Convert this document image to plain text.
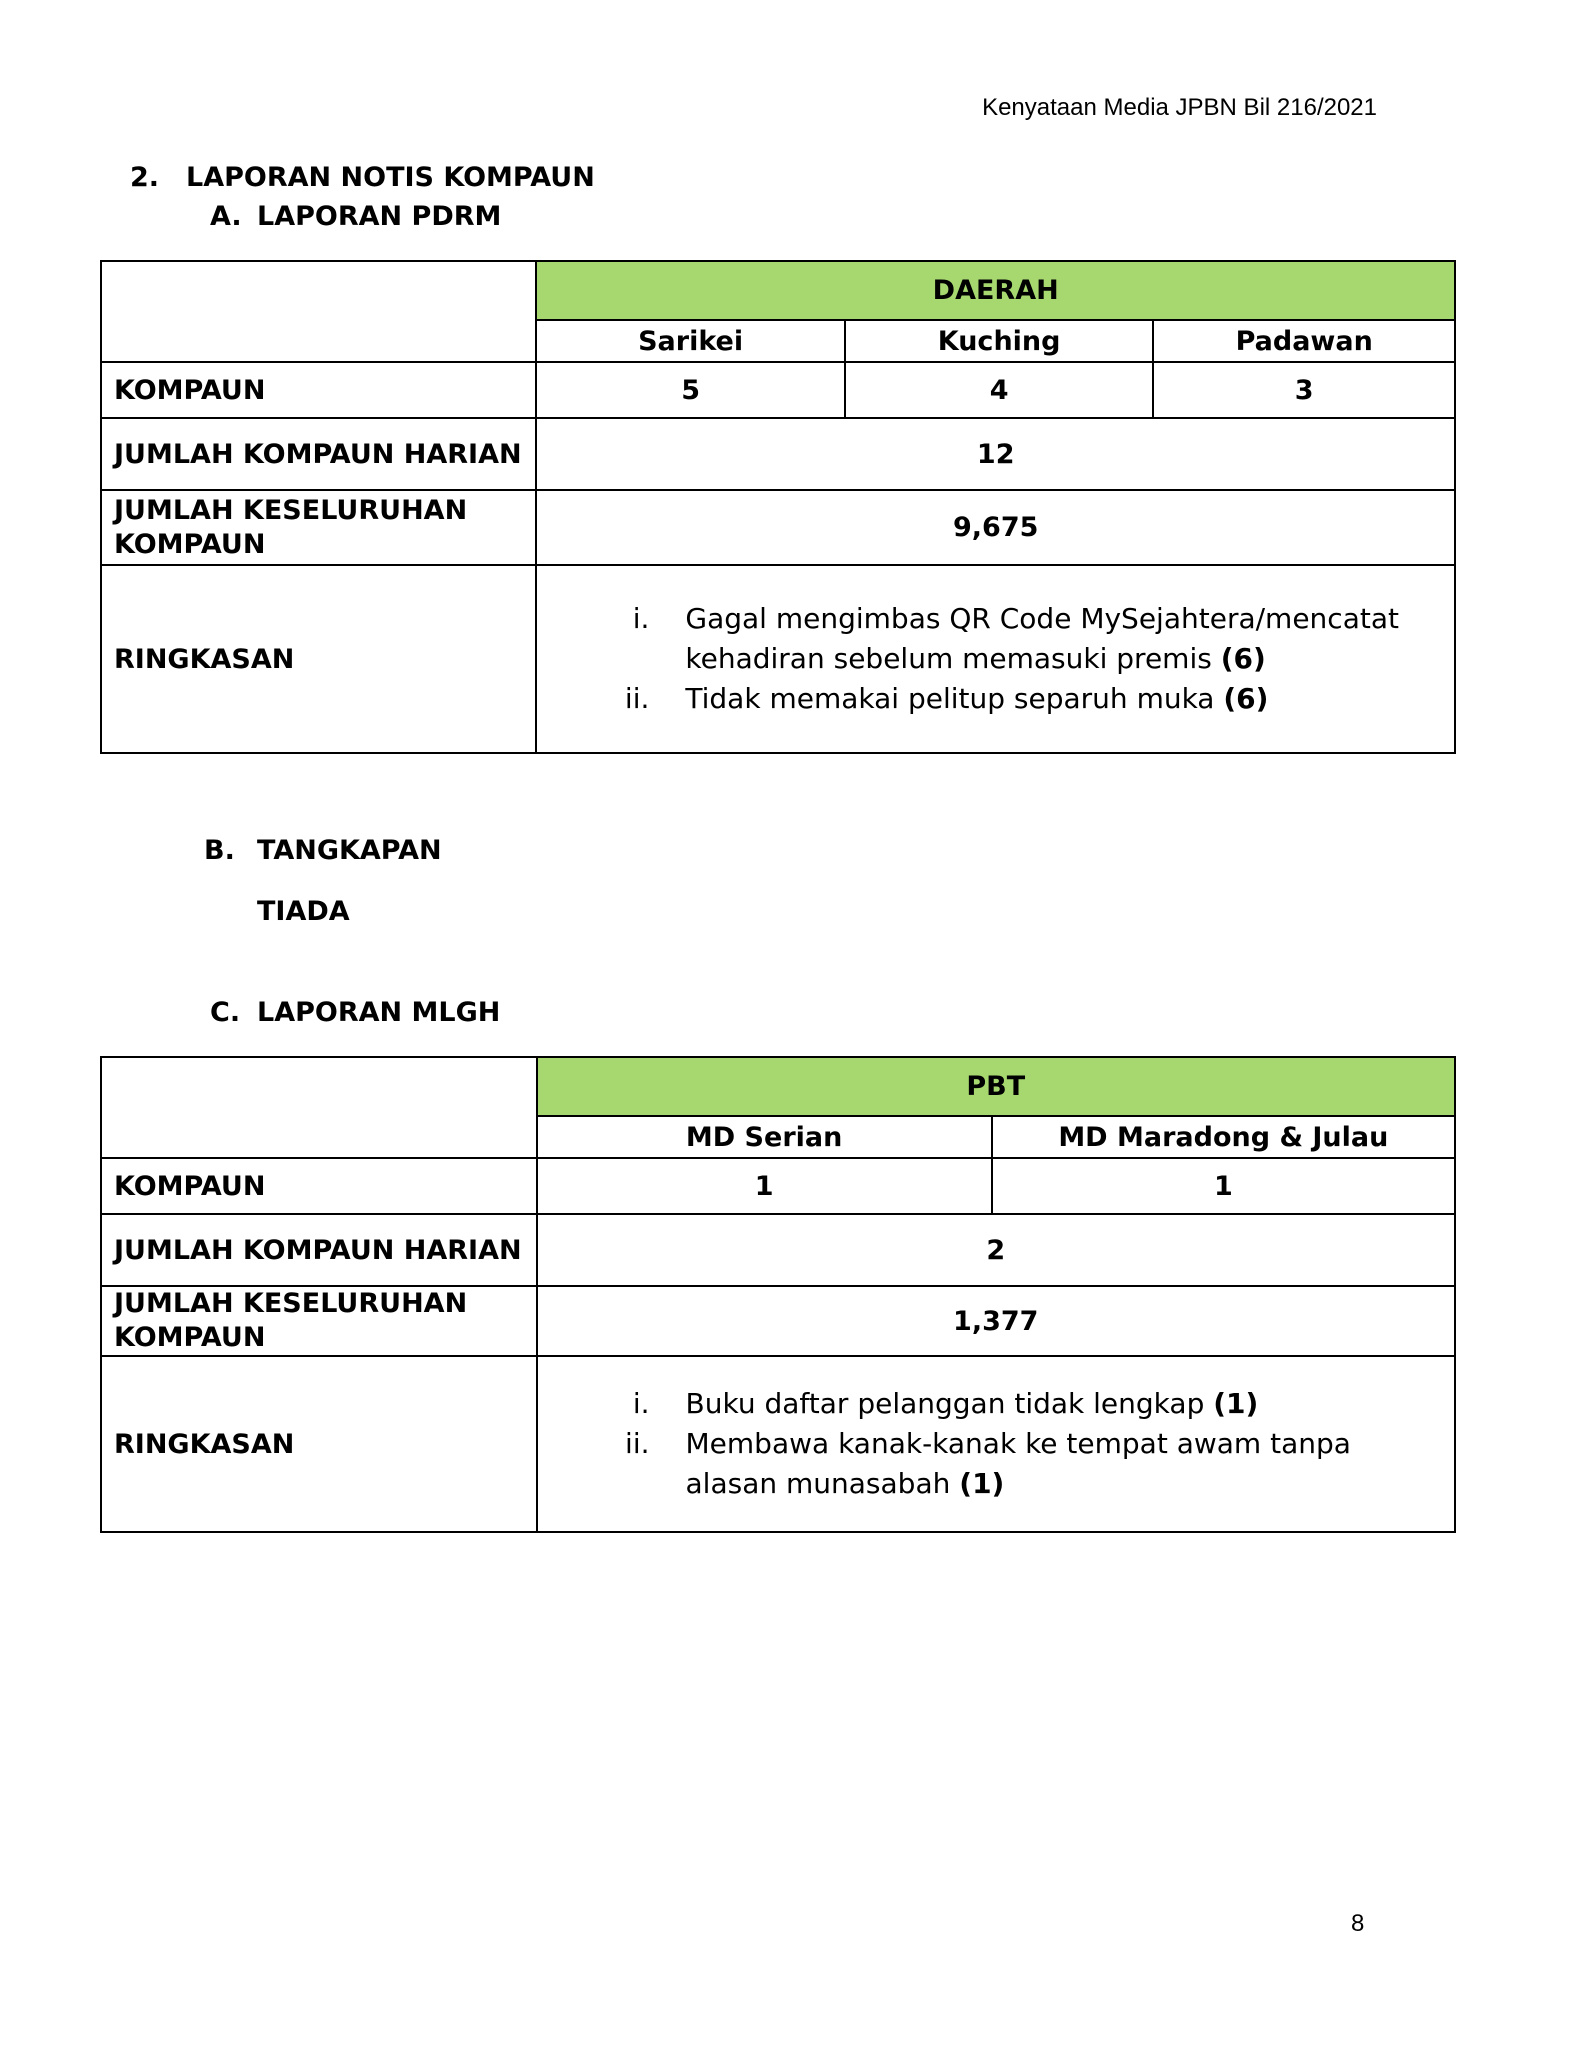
Kenyataan Media JPBN Bil 216/2021
2. LAPORAN NOTIS KOMPAUN
A. LAPORAN PDRM
	DAERAH		
	Sarikei	Kuching	Padawan
KOMPAUN	5	4	3
JUMLAH KOMPAUN HARIAN	12		

JUMLAH KESELURUHAN
KOMPAUN	9,675		
RINGKASAN	i. Gagal mengimbas QR Code MySejahtera/mencatat kehadiran sebelum memasuki premis (6)
ii. Tidak memakai pelitup separuh muka (6)		
B. TANGKAPAN
TIADA
C. LAPORAN MLGH
	PBT	
	MD Serian	MD Maradong & Julau
KOMPAUN	1	1
JUMLAH KOMPAUN HARIAN	2	

JUMLAH KESELURUHAN
KOMPAUN	1,377	
RINGKASAN	i. Buku daftar pelanggan tidak lengkap (1)
ii. Membawa kanak-kanak ke tempat awam tanpa alasan munasabah (1)	
8
